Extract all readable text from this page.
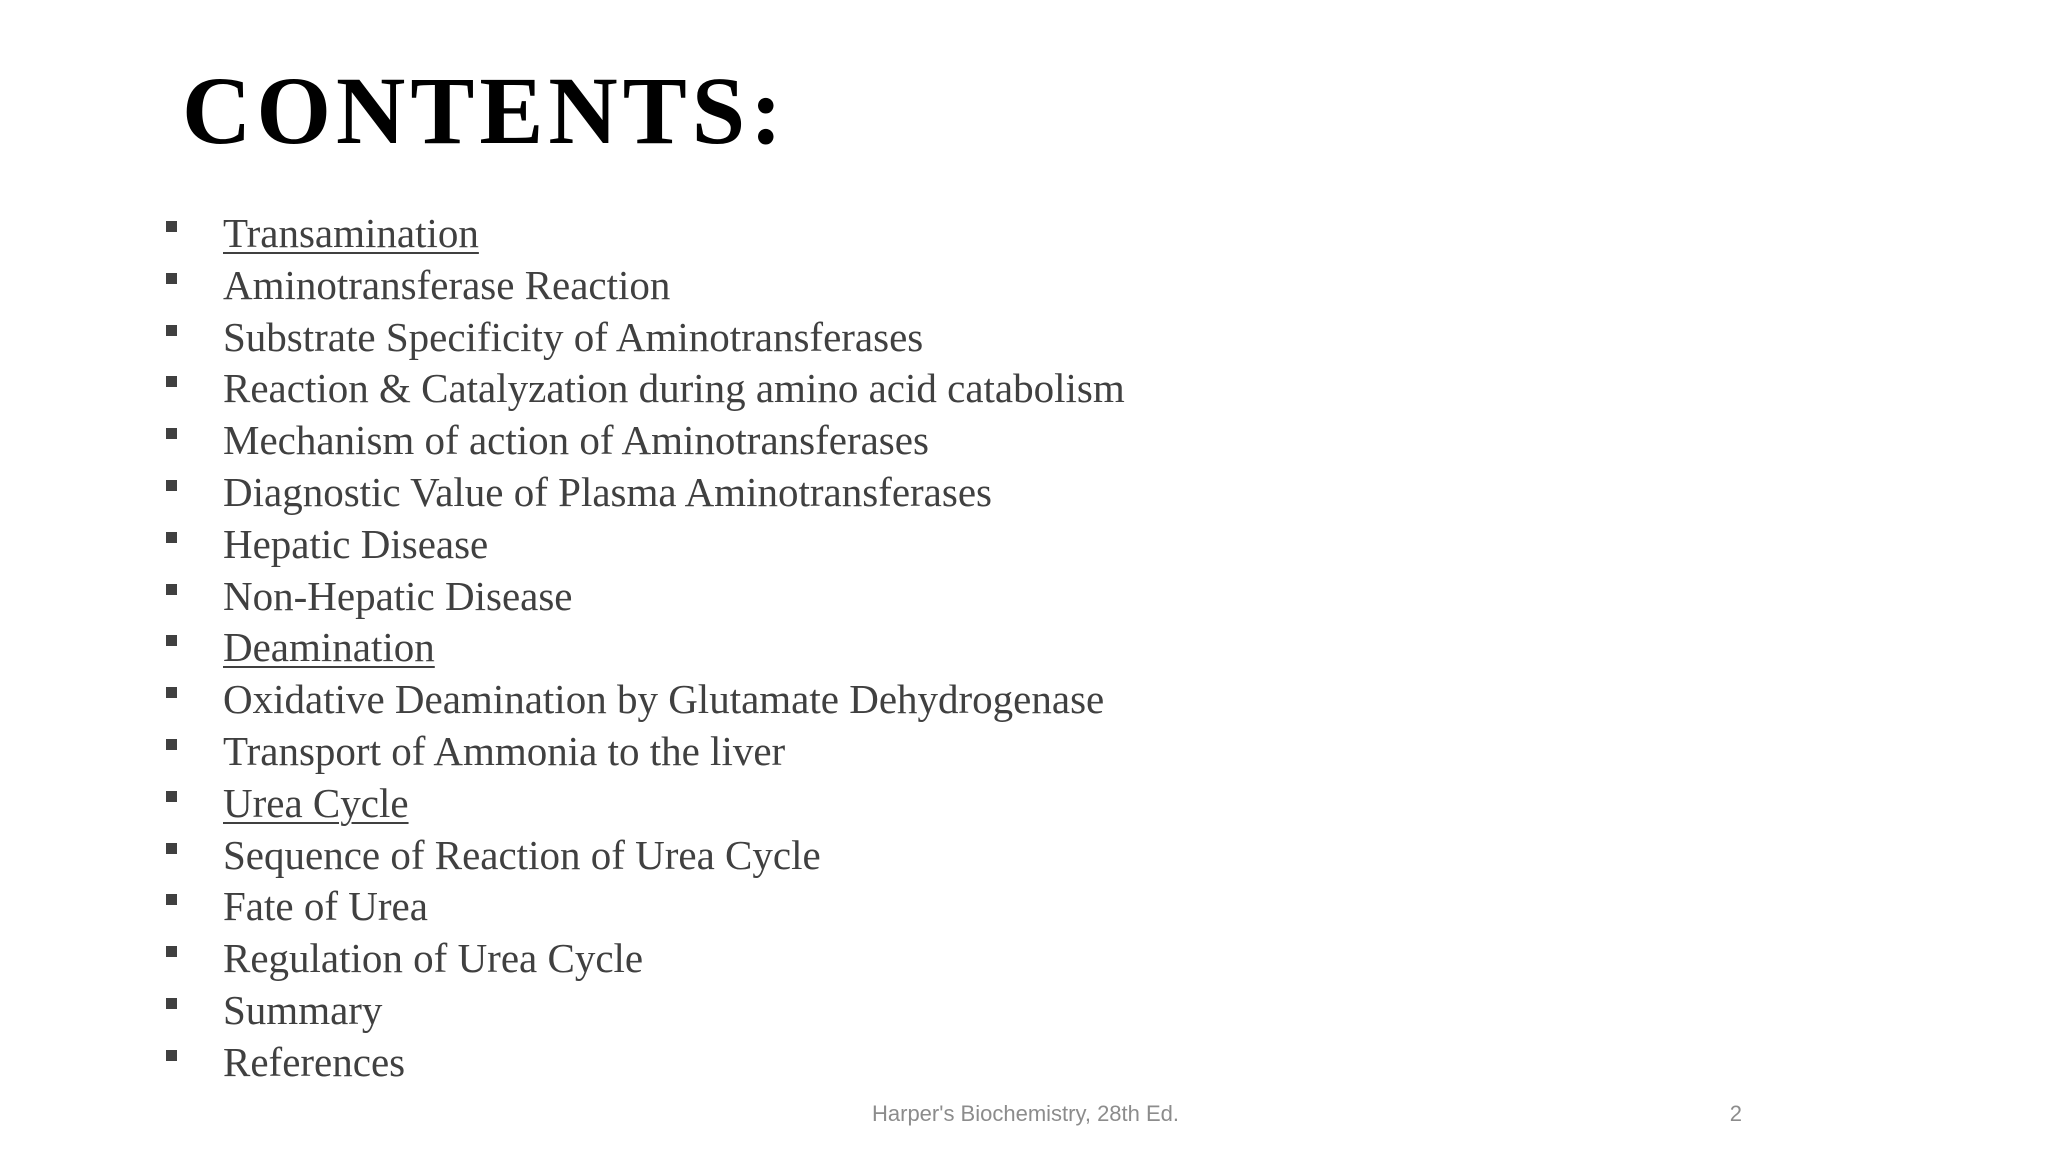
CONTENTS:
Transamination
Aminotransferase Reaction
Substrate Specificity of Aminotransferases
Reaction & Catalyzation during amino acid catabolism
Mechanism of action of Aminotransferases
Diagnostic Value of Plasma Aminotransferases
Hepatic Disease
Non-Hepatic Disease
Deamination
Oxidative Deamination by Glutamate Dehydrogenase
Transport of Ammonia to the liver
Urea Cycle
Sequence of Reaction of Urea Cycle
Fate of Urea
Regulation of Urea Cycle
Summary
References
Harper's Biochemistry, 28th Ed.	2
